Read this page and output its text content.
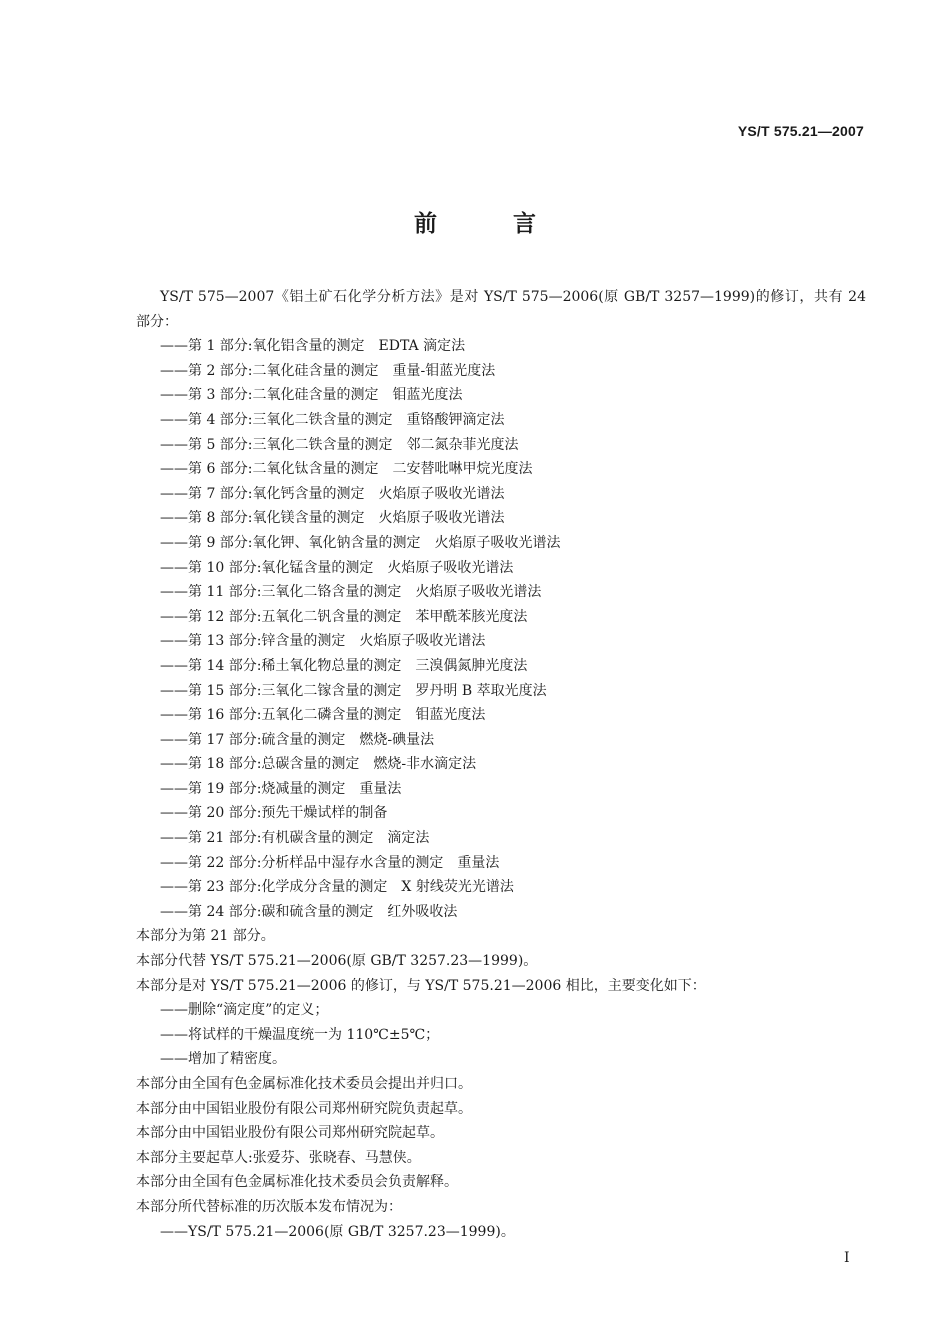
YS/T 575.21—2007
前 言

YS/T 575—2007《铝土矿石化学分析方法》是对 YS/T 575—2006(原 GB/T 3257—1999)的修订，共有 24 部分：

——第 1 部分:氧化铝含量的测定　EDTA 滴定法
——第 2 部分:二氧化硅含量的测定　重量-钼蓝光度法
——第 3 部分:二氧化硅含量的测定　钼蓝光度法
——第 4 部分:三氧化二铁含量的测定　重铬酸钾滴定法
——第 5 部分:三氧化二铁含量的测定　邻二氮杂菲光度法
——第 6 部分:二氧化钛含量的测定　二安替吡啉甲烷光度法
——第 7 部分:氧化钙含量的测定　火焰原子吸收光谱法
——第 8 部分:氧化镁含量的测定　火焰原子吸收光谱法
——第 9 部分:氧化钾、氧化钠含量的测定　火焰原子吸收光谱法
——第 10 部分:氧化锰含量的测定　火焰原子吸收光谱法
——第 11 部分:三氧化二铬含量的测定　火焰原子吸收光谱法
——第 12 部分:五氧化二钒含量的测定　苯甲酰苯胲光度法
——第 13 部分:锌含量的测定　火焰原子吸收光谱法
——第 14 部分:稀土氧化物总量的测定　三溴偶氮胂光度法
——第 15 部分:三氧化二镓含量的测定　罗丹明 B 萃取光度法
——第 16 部分:五氧化二磷含量的测定　钼蓝光度法
——第 17 部分:硫含量的测定　燃烧-碘量法
——第 18 部分:总碳含量的测定　燃烧-非水滴定法
——第 19 部分:烧减量的测定　重量法
——第 20 部分:预先干燥试样的制备
——第 21 部分:有机碳含量的测定　滴定法
——第 22 部分:分析样品中湿存水含量的测定　重量法
——第 23 部分:化学成分含量的测定　X 射线荧光光谱法
——第 24 部分:碳和硫含量的测定　红外吸收法
本部分为第 21 部分。
本部分代替 YS/T 575.21—2006(原 GB/T 3257.23—1999)。
本部分是对 YS/T 575.21—2006 的修订，与 YS/T 575.21—2006 相比，主要变化如下：
——删除“滴定度”的定义；
——将试样的干燥温度统一为 110℃±5℃；
——增加了精密度。
本部分由全国有色金属标准化技术委员会提出并归口。
本部分由中国铝业股份有限公司郑州研究院负责起草。
本部分由中国铝业股份有限公司郑州研究院起草。
本部分主要起草人:张爱芬、张晓春、马慧侠。
本部分由全国有色金属标准化技术委员会负责解释。
本部分所代替标准的历次版本发布情况为：
——YS/T 575.21—2006(原 GB/T 3257.23—1999)。
I
